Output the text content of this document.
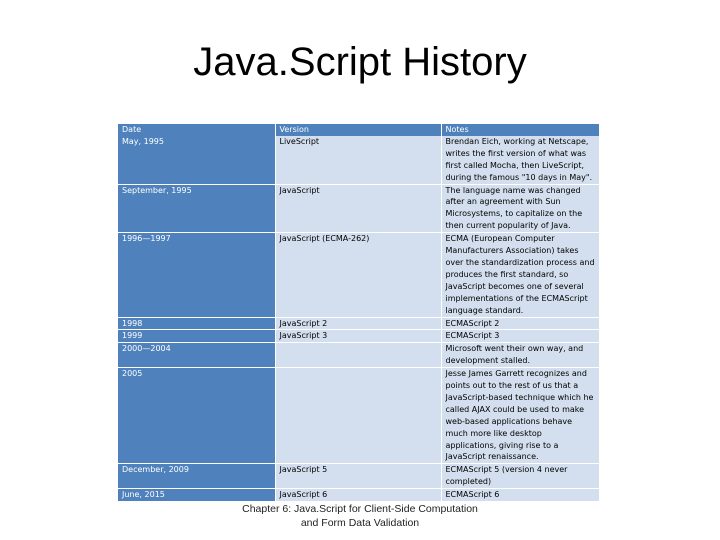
Java.Script History
Date	Version	Notes
May, 1995	LiveScript	Brendan Eich, working at Netscape, writes the first version of what was first called Mocha, then LiveScript, during the famous "10 days in May".
September, 1995	JavaScript	The language name was changed after an agreement with Sun Microsystems, to capitalize on the then current popularity of Java.
1996—1997	JavaScript (ECMA-262)	ECMA (European Computer Manufacturers Association) takes over the standardization process and produces the first standard, so JavaScript becomes one of several implementations of the ECMAScript language standard.
1998	JavaScript 2	ECMAScript 2
1999	JavaScript 3	ECMAScript 3
2000—2004		Microsoft went their own way, and development stalled.
2005		Jesse James Garrett recognizes and points out to the rest of us that a JavaScript-based technique which he called AJAX could be used to make web-based applications behave much more like desktop applications, giving rise to a JavaScript renaissance.
December, 2009	JavaScript 5	ECMAScript 5 (version 4 never completed)
June, 2015	JavaScript 6	ECMAScript 6
Chapter 6: Java.Script for Client-Side Computation and Form Data Validation
